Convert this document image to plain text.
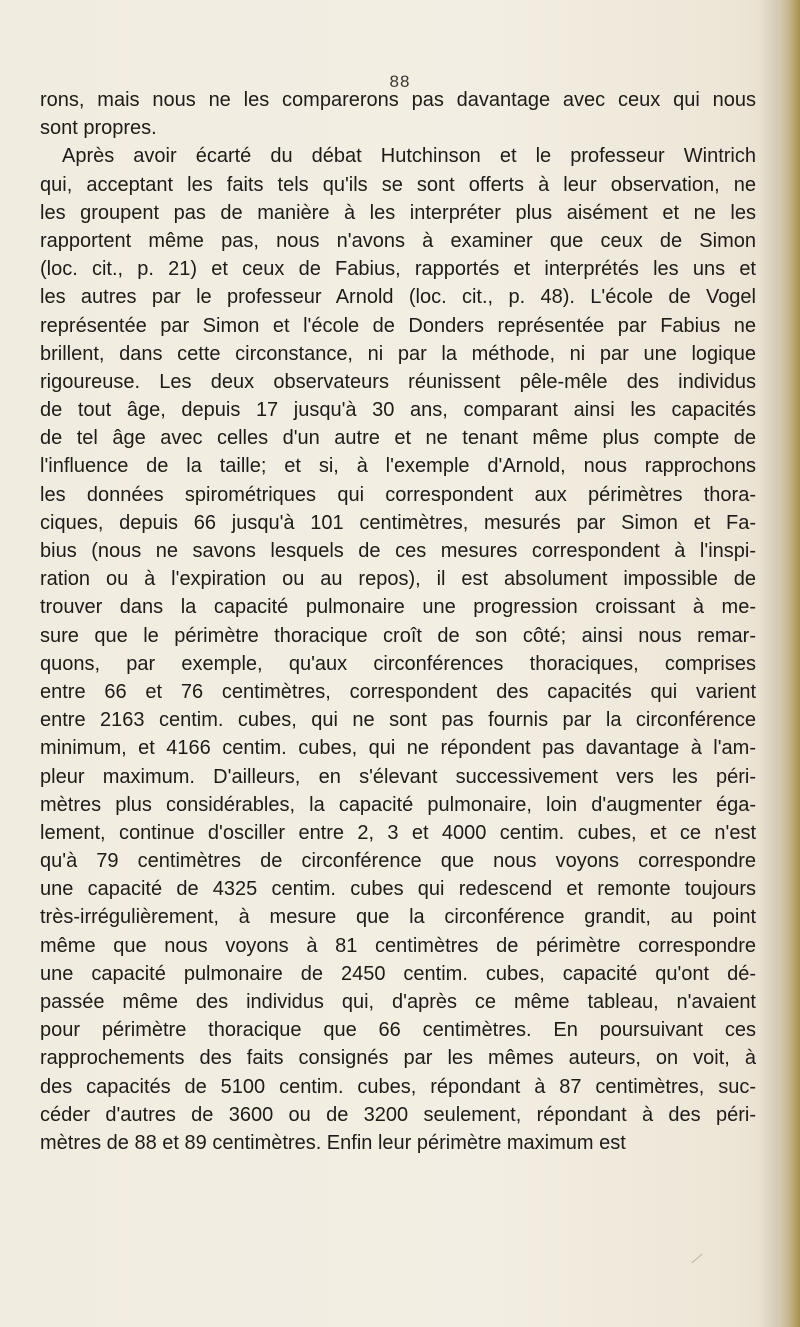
88
rons, mais nous ne les comparerons pas davantage avec ceux qui nous
sont propres.
Après avoir écarté du débat Hutchinson et le professeur Wintrich
qui, acceptant les faits tels qu'ils se sont offerts à leur observation, ne
les groupent pas de manière à les interpréter plus aisément et ne les
rapportent même pas, nous n'avons à examiner que ceux de Simon
(loc. cit., p. 21) et ceux de Fabius, rapportés et interprétés les uns et
les autres par le professeur Arnold (loc. cit., p. 48). L'école de Vogel
représentée par Simon et l'école de Donders représentée par Fabius ne
brillent, dans cette circonstance, ni par la méthode, ni par une logique
rigoureuse. Les deux observateurs réunissent pêle-mêle des individus
de tout âge, depuis 17 jusqu'à 30 ans, comparant ainsi les capacités
de tel âge avec celles d'un autre et ne tenant même plus compte de
l'influence de la taille; et si, à l'exemple d'Arnold, nous rapprochons
les données spirométriques qui correspondent aux périmètres thora-
ciques, depuis 66 jusqu'à 101 centimètres, mesurés par Simon et Fa-
bius (nous ne savons lesquels de ces mesures correspondent à l'inspi-
ration ou à l'expiration ou au repos), il est absolument impossible de
trouver dans la capacité pulmonaire une progression croissant à me-
sure que le périmètre thoracique croît de son côté; ainsi nous remar-
quons, par exemple, qu'aux circonférences thoraciques, comprises
entre 66 et 76 centimètres, correspondent des capacités qui varient
entre 2163 centim. cubes, qui ne sont pas fournis par la circonférence
minimum, et 4166 centim. cubes, qui ne répondent pas davantage à l'am-
pleur maximum. D'ailleurs, en s'élevant successivement vers les péri-
mètres plus considérables, la capacité pulmonaire, loin d'augmenter éga-
lement, continue d'osciller entre 2, 3 et 4000 centim. cubes, et ce n'est
qu'à 79 centimètres de circonférence que nous voyons correspondre
une capacité de 4325 centim. cubes qui redescend et remonte toujours
très-irrégulièrement, à mesure que la circonférence grandit, au point
même que nous voyons à 81 centimètres de périmètre correspondre
une capacité pulmonaire de 2450 centim. cubes, capacité qu'ont dé-
passée même des individus qui, d'après ce même tableau, n'avaient
pour périmètre thoracique que 66 centimètres. En poursuivant ces
rapprochements des faits consignés par les mêmes auteurs, on voit, à
des capacités de 5100 centim. cubes, répondant à 87 centimètres, suc-
céder d'autres de 3600 ou de 3200 seulement, répondant à des péri-
mètres de 88 et 89 centimètres. Enfin leur périmètre maximum est
